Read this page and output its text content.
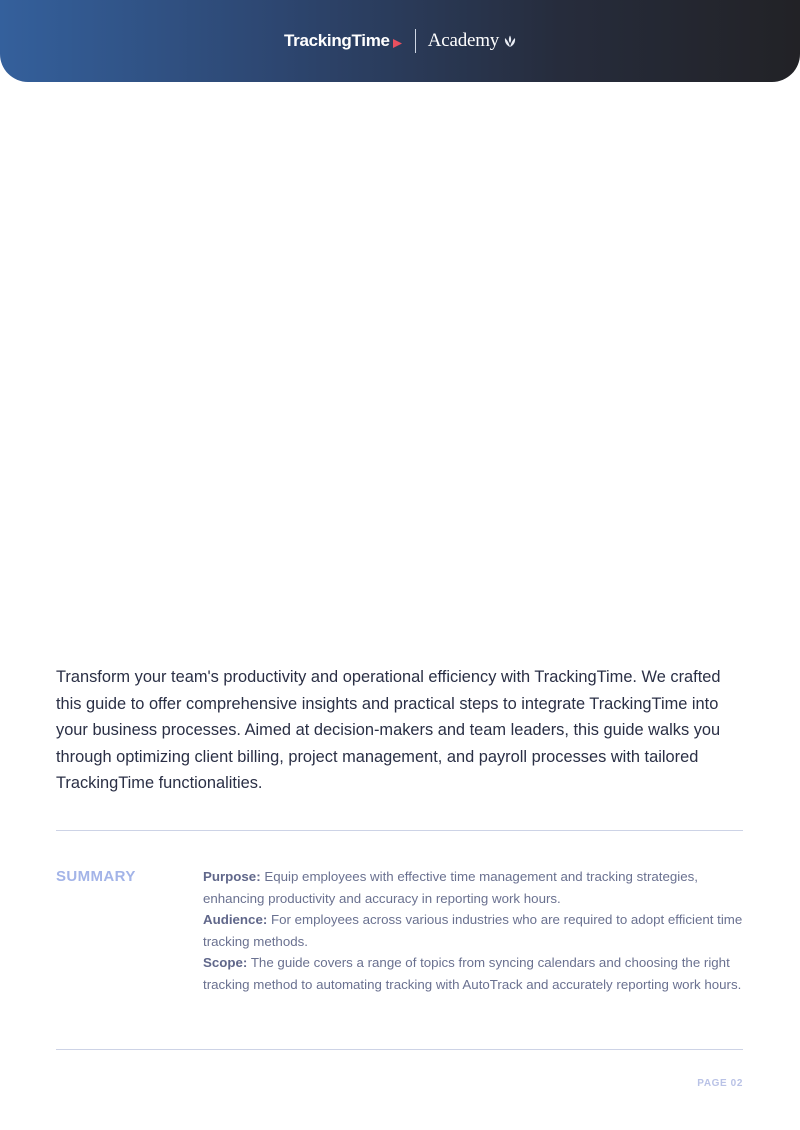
TrackingTime Academy
Transform your team's productivity and operational efficiency with TrackingTime. We crafted this guide to offer comprehensive insights and practical steps to integrate TrackingTime into your business processes. Aimed at decision-makers and team leaders, this guide walks you through optimizing client billing, project management, and payroll processes with tailored TrackingTime functionalities.
SUMMARY	Purpose: Equip employees with effective time management and tracking strategies, enhancing productivity and accuracy in reporting work hours.

Audience: For employees across various industries who are required to adopt efficient time tracking methods.

Scope: The guide covers a range of topics from syncing calendars and choosing the right tracking method to automating tracking with AutoTrack and accurately reporting work hours.

PAGE 02
